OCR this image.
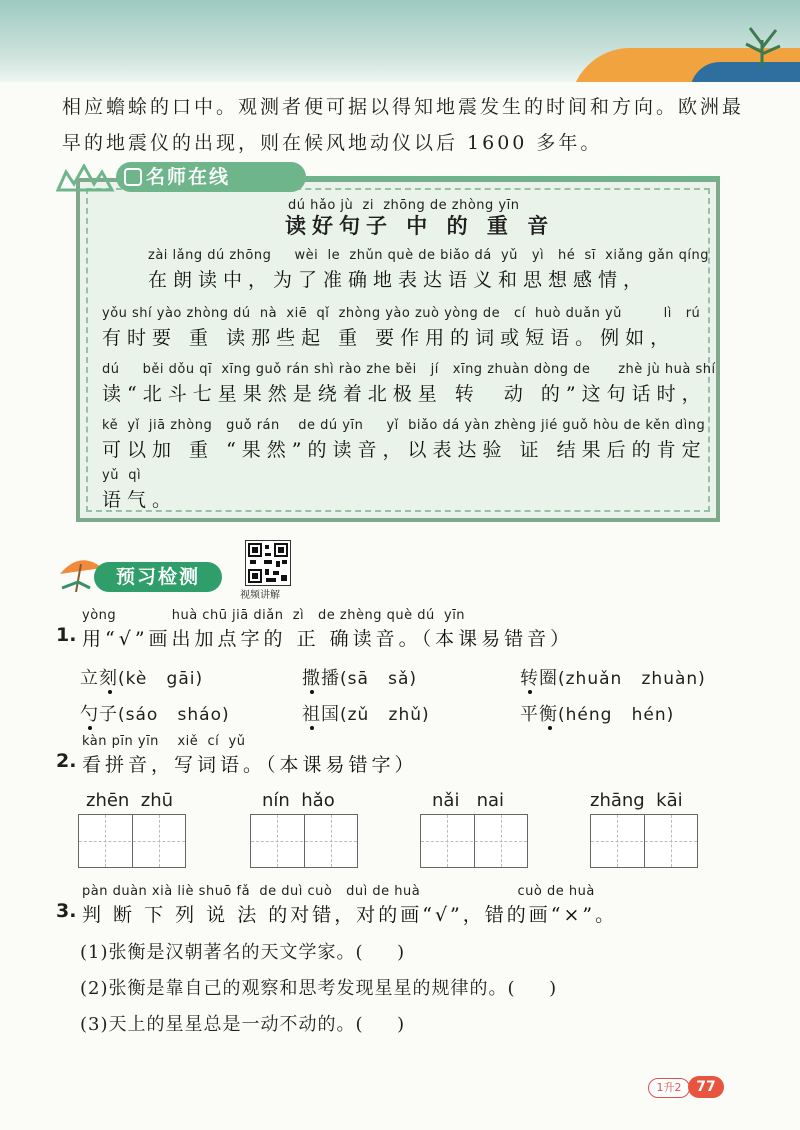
相应蟾蜍的口中。观测者便可据以得知地震发生的时间和方向。欧洲最
早的地震仪的出现，则在候风地动仪以后 1600 多年。
名师在线
dú hǎo jù  zi  zhōng de zhòng yīn
读好句子 中 的 重 音
zài lǎng dú zhōng     wèi  le  zhǔn què de biǎo dá  yǔ   yì   hé  sī  xiǎng gǎn qíng
在朗读中，为了准确地表达语义和思想感情，
yǒu shí yào zhòng dú  nà  xiē  qǐ  zhòng yào zuò yòng de   cí  huò duǎn yǔ         lì   rú
有时要 重 读那些起 重 要作用的词或短语。例如，
dú     běi dǒu qī  xīng guǒ rán shì rào zhe běi   jí   xīng zhuàn dòng de      zhè jù huà shí
读“北斗七星果然是绕着北极星 转  动 的”这句话时，
kě  yǐ  jiā zhòng   guǒ rán    de dú yīn     yǐ  biǎo dá yàn zhèng jié guǒ hòu de kěn dìng
可以加 重 “果然”的读音，以表达验 证 结果后的肯定
yǔ  qì
语气。
预习检测
视频讲解
yòng            huà chū jiā diǎn  zì   de zhèng què dú  yīn
1. 用“√”画出加点字的 正 确读音。（本课易错音）
立刻(kè   gāi)	撒播(sā   sǎ)	转圈(zhuǎn   zhuàn)
勺子(sáo   sháo)	祖国(zǔ   zhǔ)	平衡(héng   hén)
kàn pīn yīn    xiě  cí  yǔ
2. 看拼音，写词语。（本课易错字）
zhēn  zhū	nín  hǎo	nǎi   nai	zhāng  kāi
pàn duàn xià liè shuō fǎ  de duì cuò   duì de huà                     cuò de huà
3. 判 断 下 列 说 法 的对错，对的画“√”，错的画“×”。
(1)张衡是汉朝著名的天文学家。(     )
(2)张衡是靠自己的观察和思考发现星星的规律的。(     )
(3)天上的星星总是一动不动的。(     )
1升2	77
